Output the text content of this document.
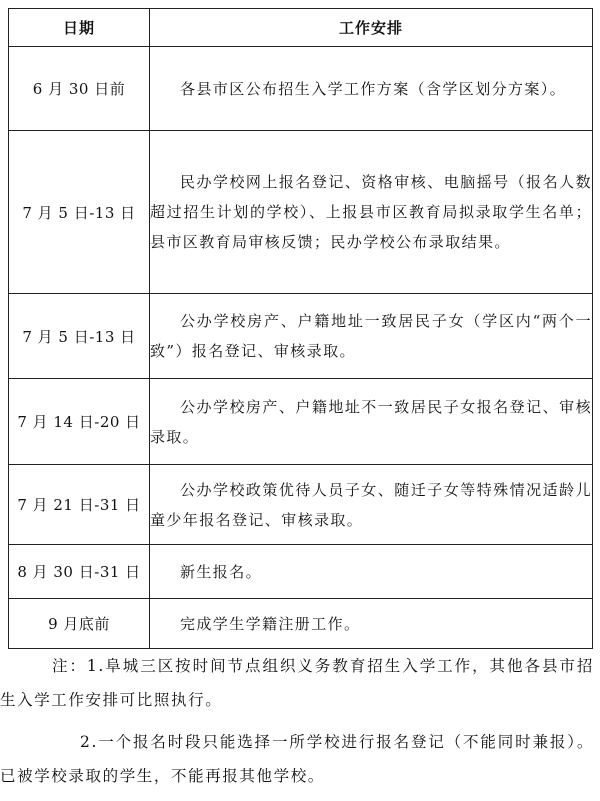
日期	工作安排
6 月 30 日前	各县市区公布招生入学工作方案（含学区划分方案）。
7 月 5 日-13 日	民办学校网上报名登记、资格审核、电脑摇号（报名人数超过招生计划的学校）、上报县市区教育局拟录取学生名单；县市区教育局审核反馈；民办学校公布录取结果。
7 月 5 日-13 日	公办学校房产、户籍地址一致居民子女（学区内“两个一致”）报名登记、审核录取。
7 月 14 日-20 日	公办学校房产、户籍地址不一致居民子女报名登记、审核录取。
7 月 21 日-31 日	公办学校政策优待人员子女、随迁子女等特殊情况适龄儿童少年报名登记、审核录取。
8 月 30 日-31 日	新生报名。
9 月底前	完成学生学籍注册工作。

注：1.阜城三区按时间节点组织义务教育招生入学工作，其他各县市招生入学工作安排可比照执行。

2.一个报名时段只能选择一所学校进行报名登记（不能同时兼报）。已被学校录取的学生，不能再报其他学校。
